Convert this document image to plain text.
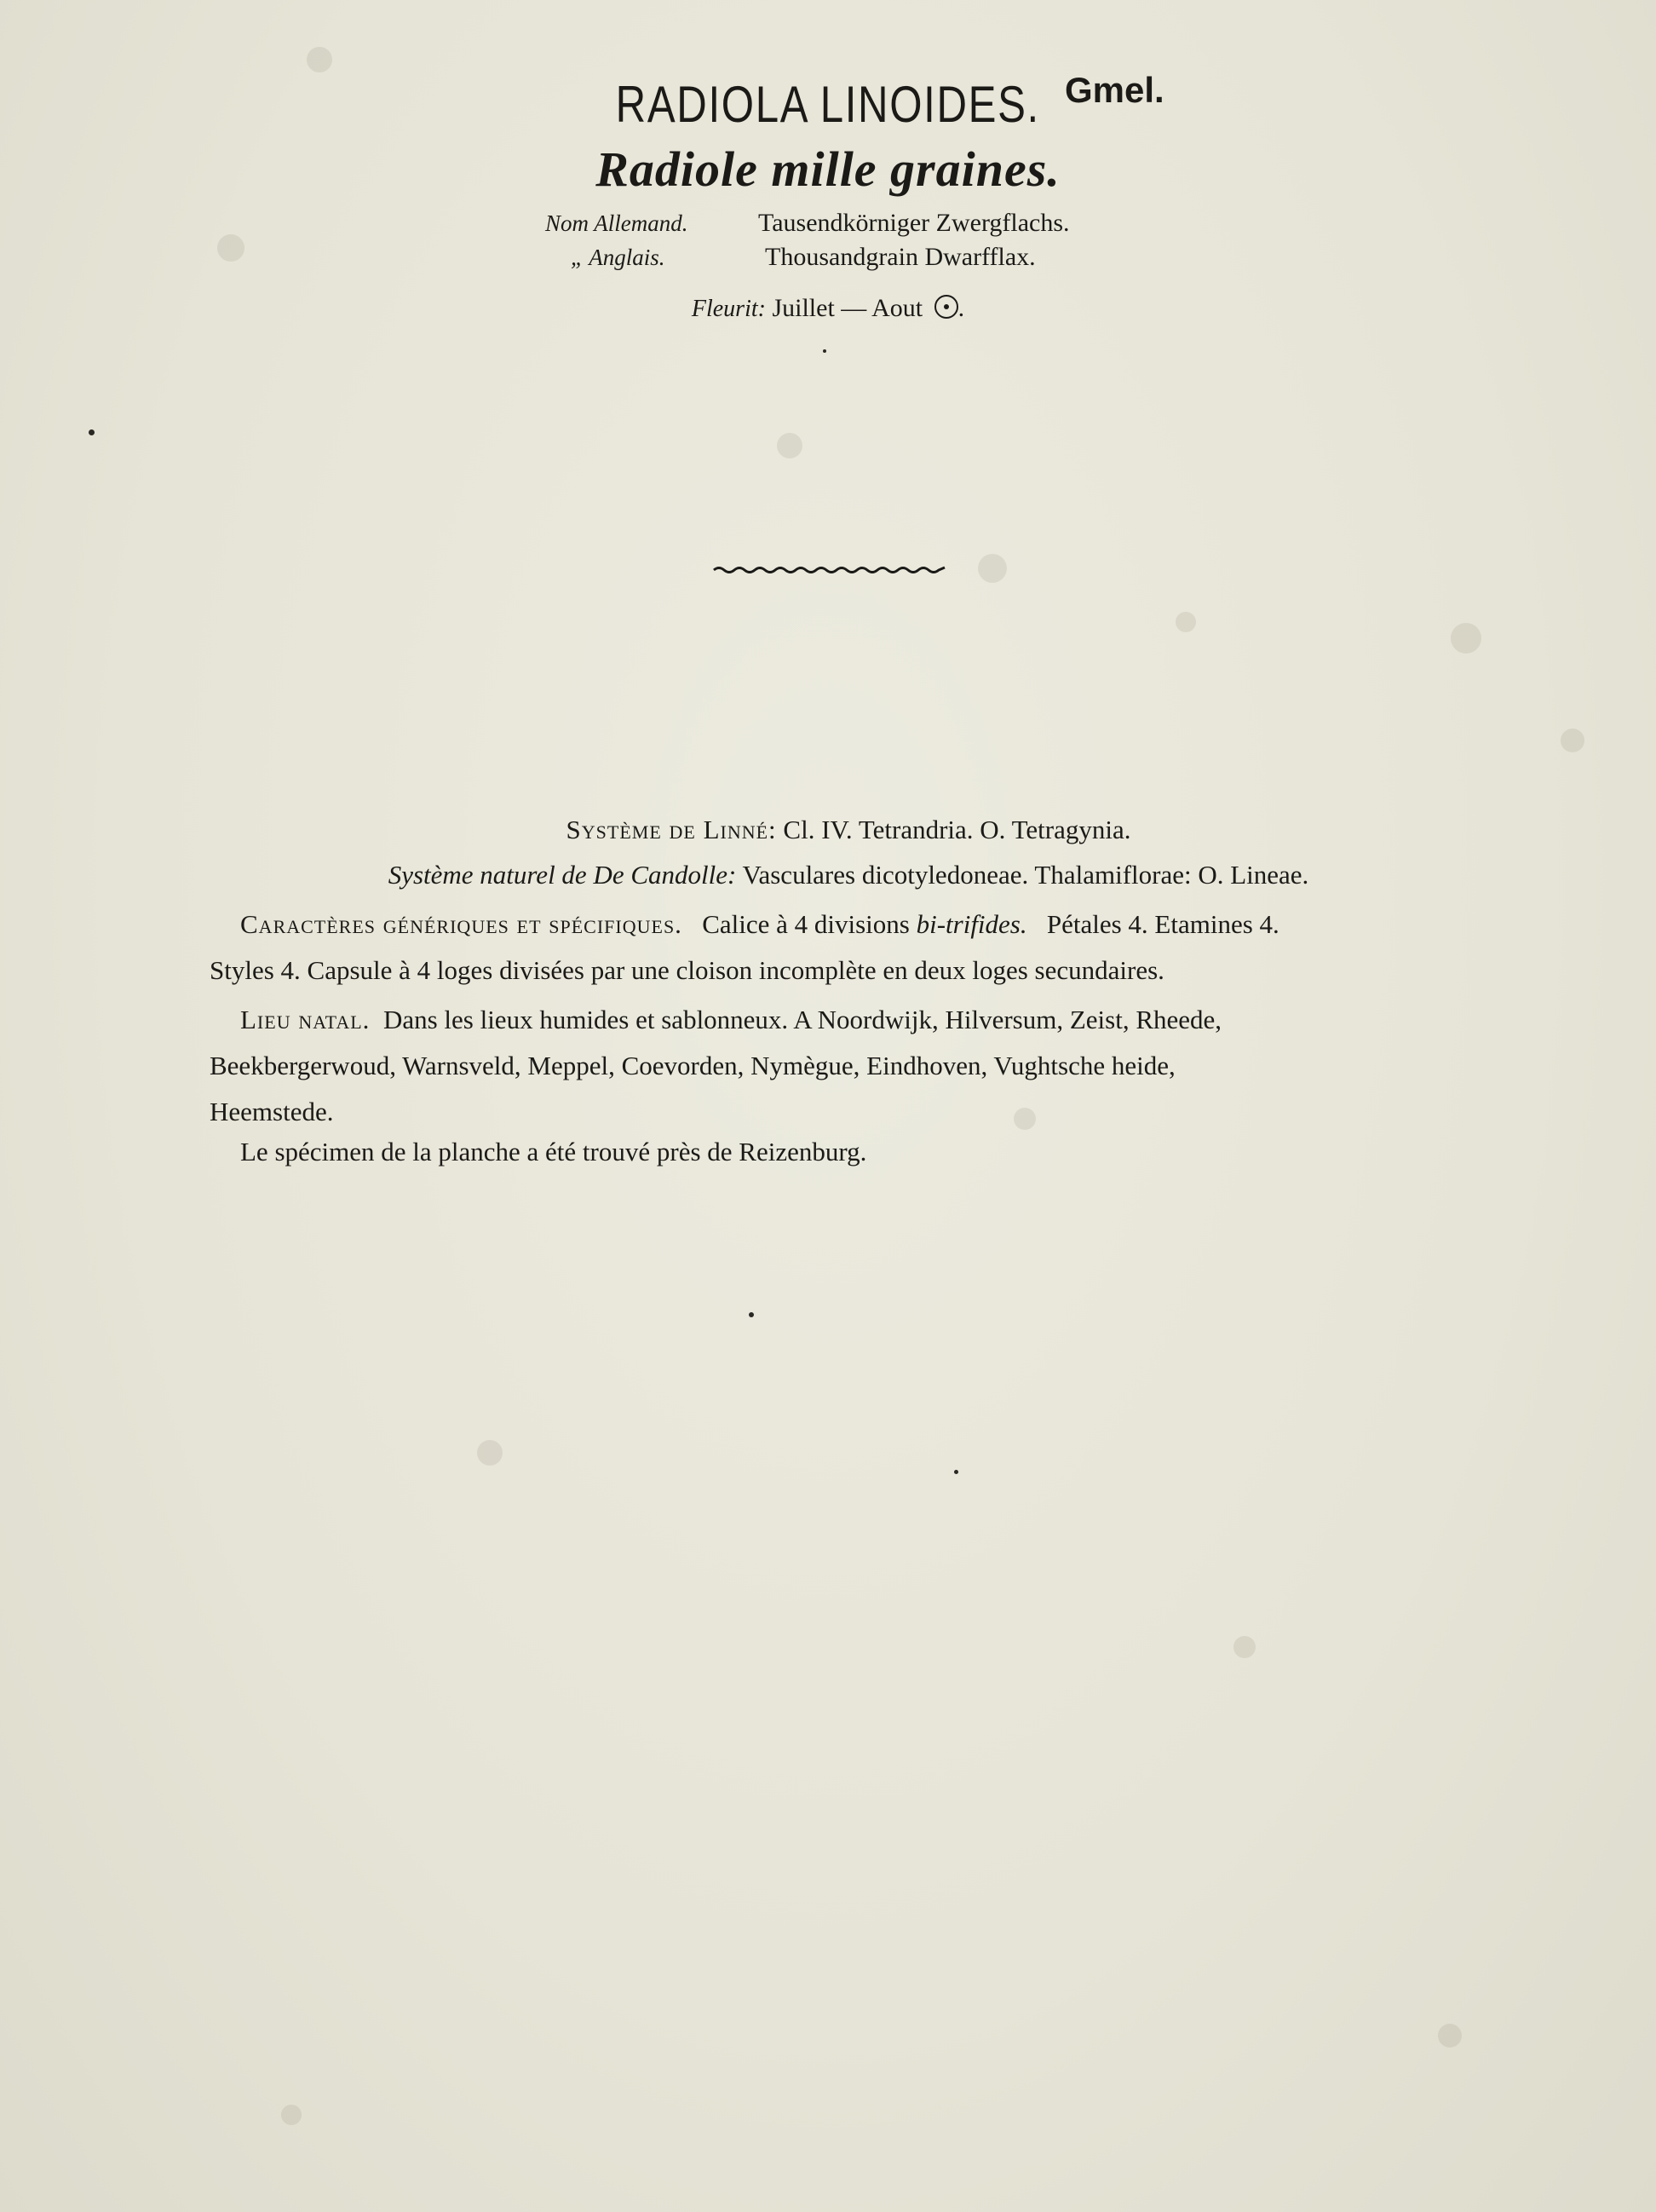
RADIOLA LINOIDES. Gmel.
Radiole mille graines.
Nom Allemand.	Tausendkörniger Zwergflachs.
„ Anglais.	Thousandgrain Dwarfflax.
Fleurit: Juillet — Aout .
Système de Linné: Cl. IV. Tetrandria. O. Tetragynia.
Système naturel de De Candolle: Vasculares dicotyledoneae. Thalamiflorae: O. Lineae.
Caractères génériques et spécifiques. Calice à 4 divisions bi-trifides. Pétales 4. Etamines 4.
Styles 4. Capsule à 4 loges divisées par une cloison incomplète en deux loges secundaires.
Lieu natal. Dans les lieux humides et sablonneux. A Noordwijk, Hilversum, Zeist, Rheede,
Beekbergerwoud, Warnsveld, Meppel, Coevorden, Nymègue, Eindhoven, Vughtsche heide,
Heemstede.
Le spécimen de la planche a été trouvé près de Reizenburg.
